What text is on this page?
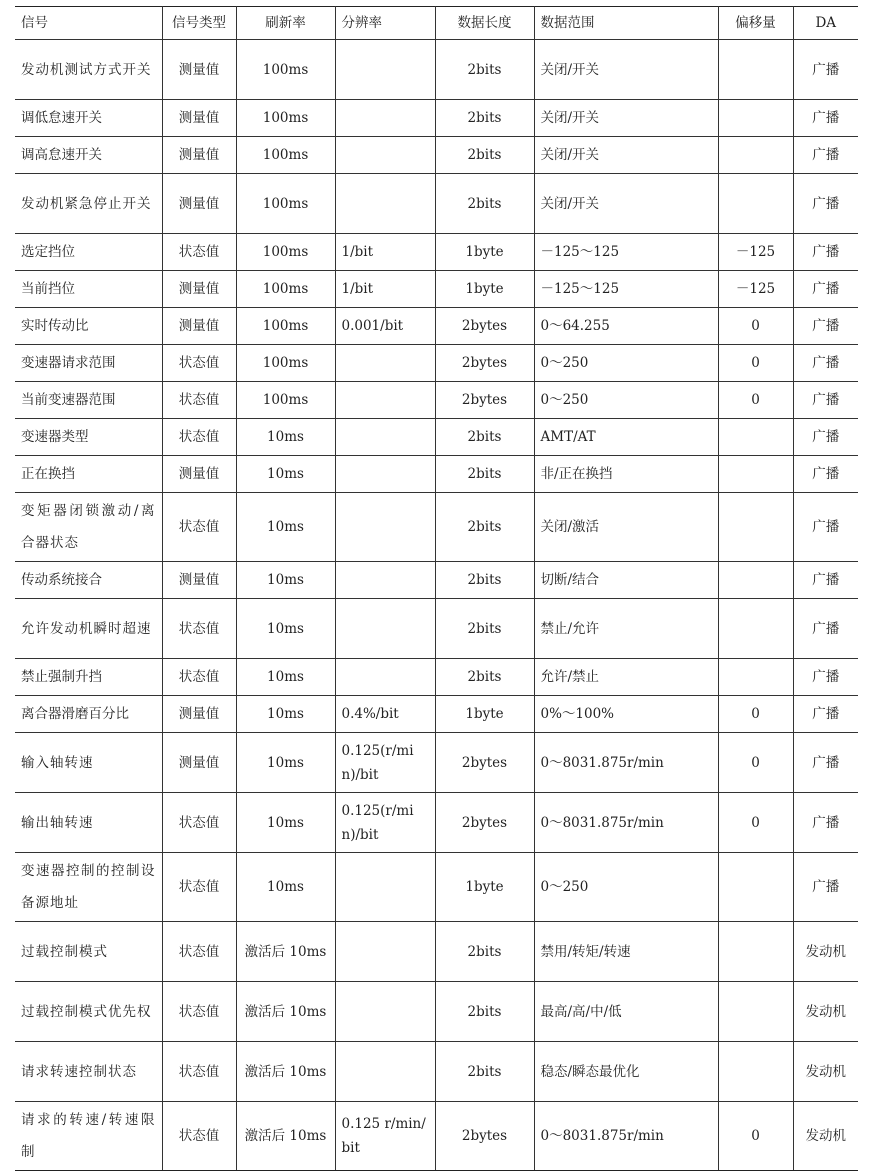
信号	信号类型	刷新率	分辨率	数据长度	数据范围	偏移量	DA
发动机测试方式开关	测量值	100ms		2bits	关闭/开关		广播
调低怠速开关	测量值	100ms		2bits	关闭/开关		广播
调高怠速开关	测量值	100ms		2bits	关闭/开关		广播
发动机紧急停止开关	测量值	100ms		2bits	关闭/开关		广播
选定挡位	状态值	100ms	1/bit	1byte	－125～125	－125	广播
当前挡位	测量值	100ms	1/bit	1byte	－125～125	－125	广播
实时传动比	测量值	100ms	0.001/bit	2bytes	0～64.255	0	广播
变速器请求范围	状态值	100ms		2bytes	0～250	0	广播
当前变速器范围	状态值	100ms		2bytes	0～250	0	广播
变速器类型	状态值	10ms		2bits	AMT/AT		广播
正在换挡	测量值	10ms		2bits	非/正在换挡		广播
变矩器闭锁激动/离合器状态	状态值	10ms		2bits	关闭/激活		广播
传动系统接合	测量值	10ms		2bits	切断/结合		广播
允许发动机瞬时超速	状态值	10ms		2bits	禁止/允许		广播
禁止强制升挡	状态值	10ms		2bits	允许/禁止		广播
离合器滑磨百分比	测量值	10ms	0.4%/bit	1byte	0%～100%	0	广播
输入轴转速	测量值	10ms	0.125(r/min)/bit	2bytes	0～8031.875r/min	0	广播
输出轴转速	状态值	10ms	0.125(r/min)/bit	2bytes	0～8031.875r/min	0	广播
变速器控制的控制设备源地址	状态值	10ms		1byte	0～250		广播
过载控制模式	状态值	激活后 10ms		2bits	禁用/转矩/转速		发动机
过载控制模式优先权	状态值	激活后 10ms		2bits	最高/高/中/低		发动机
请求转速控制状态	状态值	激活后 10ms		2bits	稳态/瞬态最优化		发动机
请求的转速/转速限制	状态值	激活后 10ms	0.125 r/min/bit	2bytes	0～8031.875r/min	0	发动机
